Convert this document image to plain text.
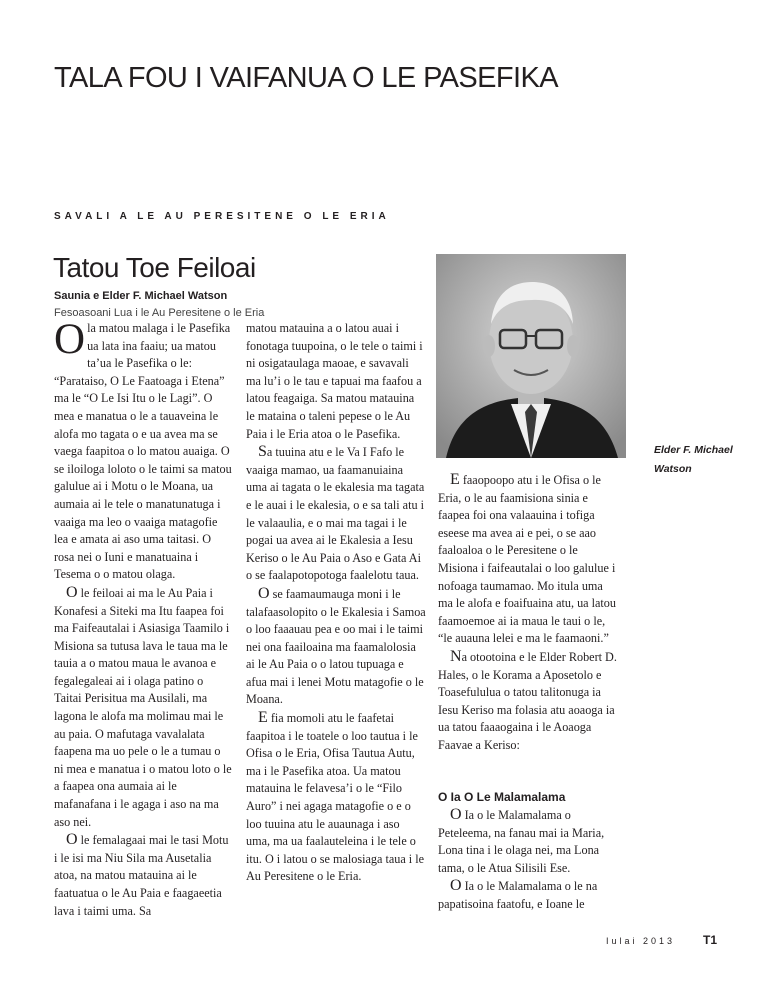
TALA FOU I VAIFANUA O LE PASEFIKA
SAVALI A LE AU PERESITENE O LE ERIA
Tatou Toe Feiloai
Saunia e Elder F. Michael Watson
Fesoasoani Lua i le Au Peresitene o le Eria

Ola matou malaga i le Pasefika ua lata ina faaiu; ua matou ta’ua le Pasefika o le: “Parataiso, O Le Faatoaga i Etena” ma le “O Le Isi Itu o le Lagi”. O mea e manatua o le a tauaveina le alofa mo tagata o e ua avea ma se vaega faapitoa o lo matou auaiga. O se iloiloga loloto o le taimi sa matou galulue ai i Motu o le Moana, ua aumaia ai le tele o manatunatuga i vaaiga ma leo o vaaiga matagofie lea e amata ai aso uma taitasi. O rosa nei o Iuni e manatuaina i Tesema o o matou olaga.

O le feiloai ai ma le Au Paia i Konafesi a Siteki ma Itu faapea foi ma Faifeautalai i Asiasiga Taamilo i Misiona sa tutusa lava le taua ma le tauia a o matou maua le avanoa e fegalegaleai ai i olaga patino o Taitai Perisitua ma Ausilali, ma lagona le alofa ma molimau mai le au paia. O mafutaga vavalalata faapena ma uo pele o le a tumau o ni mea e manatua i o matou loto o le a faapea ona aumaia ai le mafanafana i le agaga i aso na ma aso nei.

O le femalagaai mai le tasi Motu i le isi ma Niu Sila ma Ausetalia atoa, na matou matauina ai le faatuatua o le Au Paia e faagaeetia lava i taimi uma. Sa

matou matauina a o latou auai i fonotaga tuupoina, o le tele o taimi i ni osigataulaga maoae, e savavali ma lu’i o le tau e tapuai ma faafou a latou feagaiga. Sa matou matauina le mataina o taleni pepese o le Au Paia i le Eria atoa o le Pasefika.

Sa tuuina atu e le Va I Fafo le vaaiga mamao, ua faamanuiaina uma ai tagata o le ekalesia ma tagata e le auai i le ekalesia, o e sa tali atu i le valaaulia, e o mai ma tagai i le pogai ua avea ai le Ekalesia a Iesu Keriso o le Au Paia o Aso e Gata Ai o se faalapotopotoga faalelotu taua.

O se faamaumauga moni i le talafaasolopito o le Ekalesia i Samoa o loo faaauau pea e oo mai i le taimi nei ona faailoaina ma faamalolosia ai le Au Paia o o latou tupuaga e afua mai i lenei Motu matagofie o le Moana.

E fia momoli atu le faafetai faapitoa i le toatele o loo tautua i le Ofisa o le Eria, Ofisa Tautua Autu, ma i le Pasefika atoa. Ua matou matauina le felavesa’i o le “Filo Auro” i nei agaga matagofie o e o loo tuuina atu le auaunaga i aso uma, ma ua faalauteleina i le tele o itu. O i latou o se malosiaga taua i le Au Peresitene o le Eria.

Elder F. Michael Watson

E faaopoopo atu i le Ofisa o le Eria, o le au faamisiona sinia e faapea foi ona valaauina i tofiga eseese ma avea ai e pei, o se aao faaloaloa o le Peresitene o le Misiona i faifeautalai o loo galulue i nofoaga taumamao. Mo itula uma ma le alofa e foaifuaina atu, ua latou faamoemoe ai ia maua le taui o le, “le auauna lelei e ma le faamaoni.”

Na otootoina e le Elder Robert D. Hales, o le Korama a Aposetolo e Toasefululua o tatou talitonuga ia Iesu Keriso ma folasia atu aoaoga ia ua tatou faaaogaina i le Aoaoga Faavae a Keriso:

O Ia O Le Malamalama

O Ia o le Malamalama o Peteleema, na fanau mai ia Maria, Lona tina i le olaga nei, ma Lona tama, o le Atua Silisili Ese.

O Ia o le Malamalama o le na papatisoina faatofu, e Ioane le

Iulai 2013 T1
